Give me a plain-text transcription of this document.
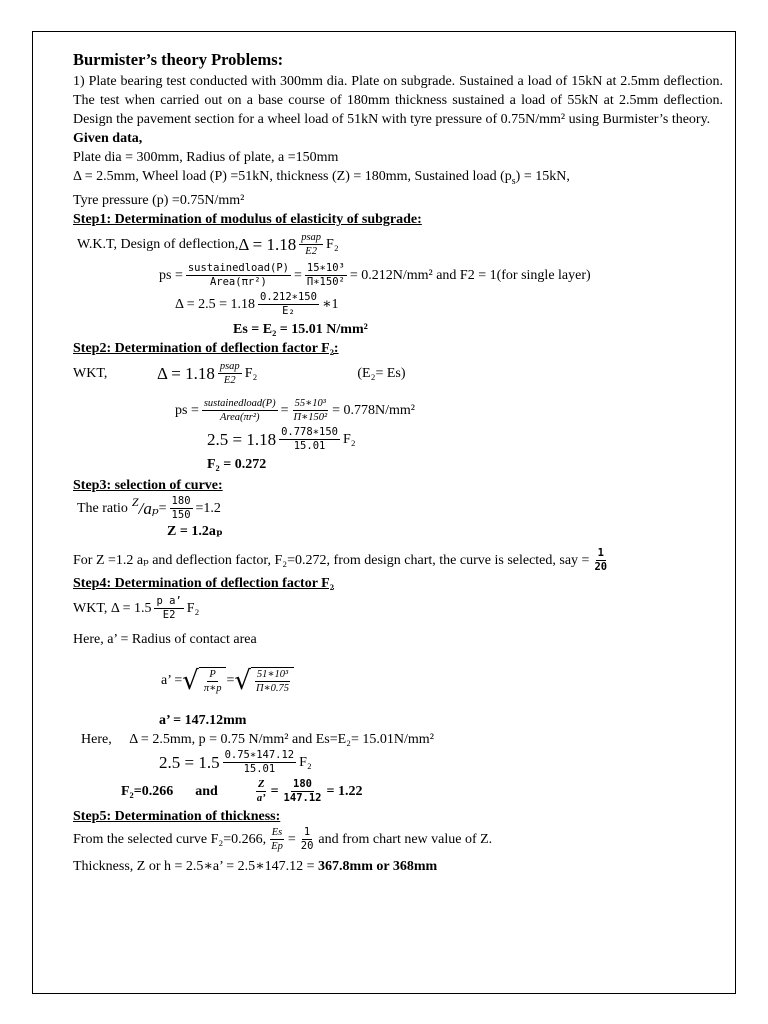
Burmister’s theory Problems:

1) Plate bearing test conducted with 300mm dia. Plate on subgrade. Sustained a load of 15kN at 2.5mm deflection. The test when carried out on a base course of 180mm thickness sustained a load of 55kN at 2.5mm deflection. Design the pavement section for a wheel load of 51kN with tyre pressure of 0.75N/mm² using Burmister’s theory.

Given data,
Plate dia = 300mm, Radius of plate, a =150mm
Δ = 2.5mm, Wheel load (P) =51kN, thickness (Z) = 180mm, Sustained load $(p_s) = 15kN$,
Tyre pressure (p) =0.75N/mm²
Step1: Determination of modulus of elasticity of subgrade:
W.K.T, Design of deflection, $\Delta = 1.18 \frac{\text{psap}}{E2} F_2$
ps = $\frac{\text{sustainedload(P)}}{\text{Area(πr²)}} = \frac{\text{15∗10³}}{\text{Π∗150²}} = 0.212N/mm^2$ and F2 = 1(for single layer)
$\Delta = 2.5 = 1.18 \frac{0.212∗150}{\text{E₂}}$ ∗1
Es = E₂ = 15.01 N/mm²
Step2: Determination of deflection factor F₂:
WKT,	$\Delta = 1.18 \frac{\text{psap}}{E2} F_2$	(E₂= Es)
ps = $\frac{\text{sustainedload(P)}}{\text{Area(πr²)}} = \frac{\text{55∗10³}}{\text{Π∗150²}} = 0.778N/mm^2$
$2.5 = 1.18 \frac{0.778∗150}{15.01} F_2$
F₂ = 0.272
Step3: selection of curve:
The ratio Z $/a_p = \frac{180}{150} =1.2$
Z = 1.2aₚ
For Z =1.2 aₚ and deflection factor, F₂=0.272, from design chart, the curve is selected, say = $\frac{1}{20}$
Step4: Determination of deflection factor F₂
WKT, $\Delta = 1.5 \frac{\text{p a’}}{E2} F_2$
Here, a’ = Radius of contact area
a’ = √ $\frac{P}{\pi∗p}$ = √ $\frac{\text{51∗10³}}{\Pi∗0.75}$
a’ = 147.12mm
Here,     Δ = 2.5mm, p = 0.75 N/mm² and Es=E₂= 15.01N/mm²
$2.5 = 1.5 \frac{0.75∗147.12}{15.01} F_2$
F₂=0.266 and	$\frac{Z}{a’} = \frac{180}{147.12} = 1.22$
Step5: Determination of thickness:
From the selected curve F₂=0.266, $\frac{Es}{Ep} = \frac{1}{20}$ and from chart new value of Z.
Thickness, Z or h = 2.5∗a’ = 2.5∗147.12 = 367.8mm or 368mm
